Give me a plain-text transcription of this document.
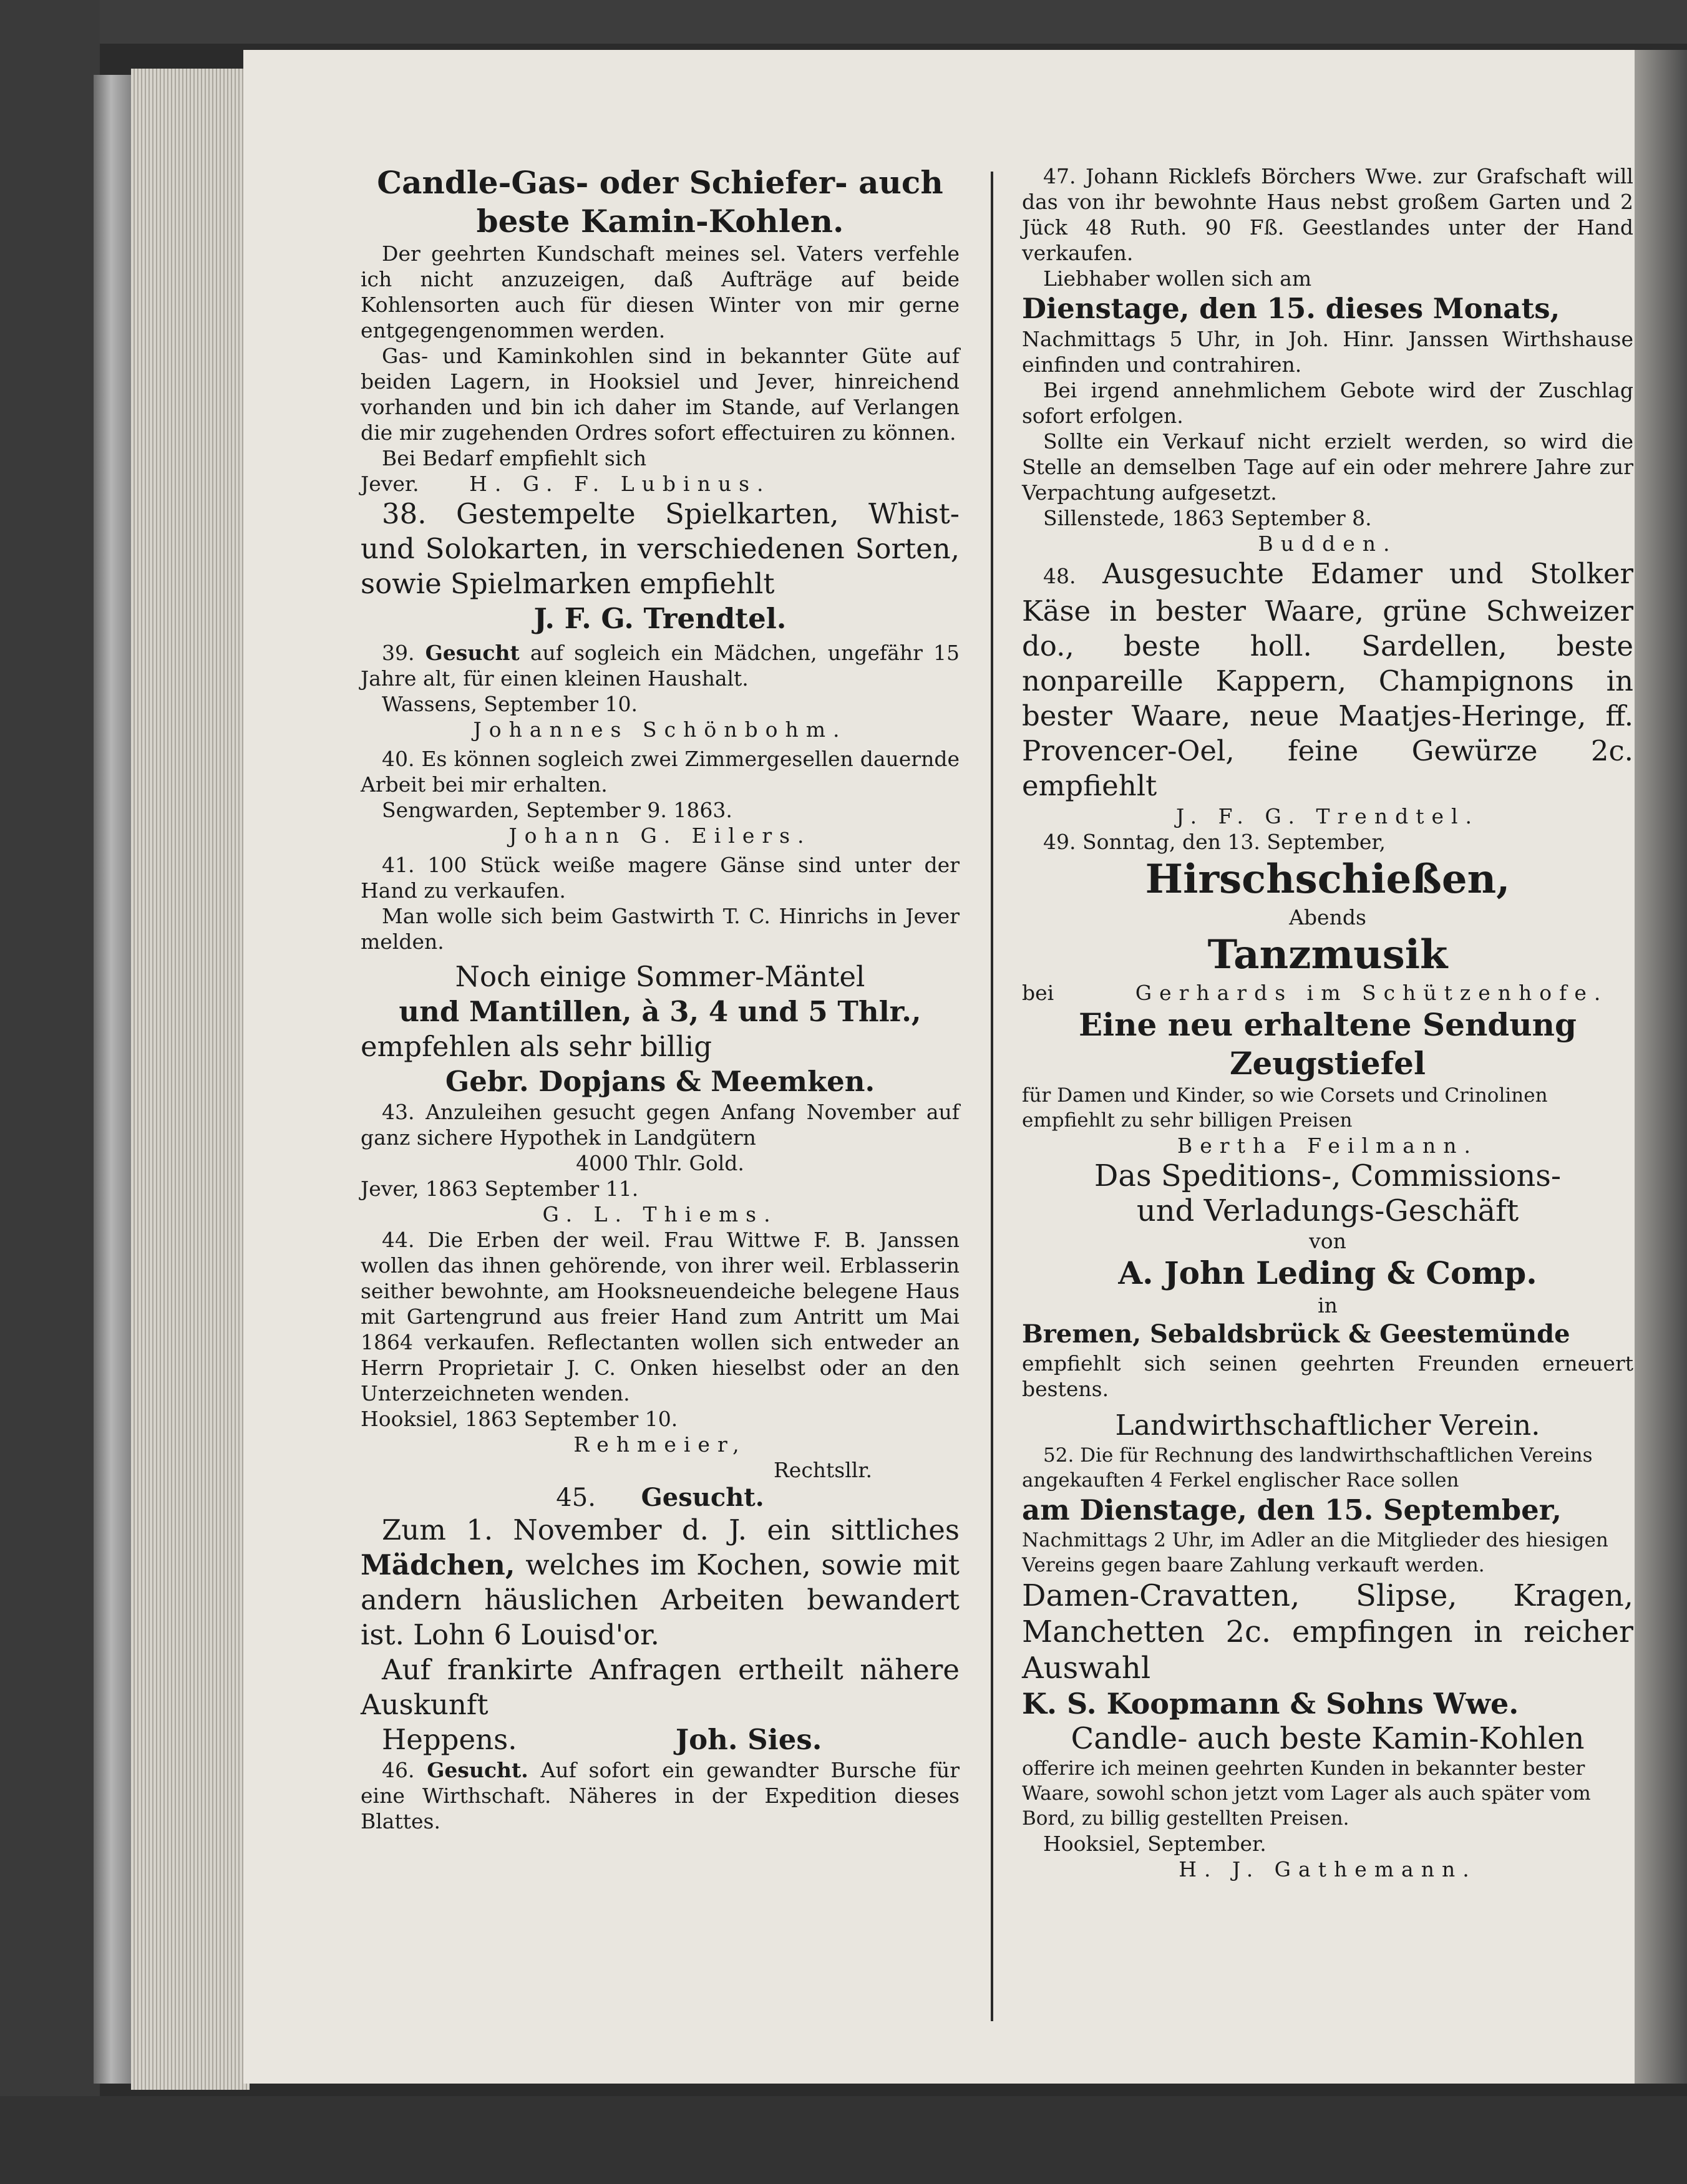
Candle-Gas- oder Schiefer- auch

beste Kamin-Kohlen.

Der geehrten Kundschaft meines sel. Vaters verfehle ich nicht anzuzeigen, daß Aufträge auf beide Kohlensorten auch für diesen Winter von mir gerne entgegengenommen werden.

Gas- und Kaminkohlen sind in bekannter Güte auf beiden Lagern, in Hooksiel und Jever, hinreichend vorhanden und bin ich daher im Stande, auf Verlangen die mir zugehenden Ordres sofort effectuiren zu können.

Bei Bedarf empfiehlt sich

Jever. H. G. F. Lubinus.

38. Gestempelte Spielkarten, Whist- und Solokarten, in verschiedenen Sorten, sowie Spielmarken empfiehlt

J. F. G. Trendtel.

39. Gesucht auf sogleich ein Mädchen, ungefähr 15 Jahre alt, für einen kleinen Haushalt.

Wassens, September 10.

Johannes Schönbohm.

40. Es können sogleich zwei Zimmergesellen dauernde Arbeit bei mir erhalten.

Sengwarden, September 9. 1863.

Johann G. Eilers.

41. 100 Stück weiße magere Gänse sind unter der Hand zu verkaufen.

Man wolle sich beim Gastwirth T. C. Hinrichs in Jever melden.

Noch einige Sommer-Mäntel

und Mantillen, à 3, 4 und 5 Thlr.,

empfehlen als sehr billig

Gebr. Dopjans & Meemken.

43. Anzuleihen gesucht gegen Anfang November auf ganz sichere Hypothek in Landgütern

4000 Thlr. Gold.

Jever, 1863 September 11.

G. L. Thiems.

44. Die Erben der weil. Frau Wittwe F. B. Janssen wollen das ihnen gehörende, von ihrer weil. Erblasserin seither bewohnte, am Hooksneuendeiche belegene Haus mit Gartengrund aus freier Hand zum Antritt um Mai 1864 verkaufen. Reflectanten wollen sich entweder an Herrn Proprietair J. C. Onken hieselbst oder an den Unterzeichneten wenden.

Hooksiel, 1863 September 10.

Rehmeier,

Rechtsllr.

45. Gesucht.

Zum 1. November d. J. ein sittliches Mädchen, welches im Kochen, sowie mit andern häuslichen Arbeiten bewandert ist. Lohn 6 Louisd'or.

Auf frankirte Anfragen ertheilt nähere Auskunft

Heppens.	Joh. Sies.

46. Gesucht. Auf sofort ein gewandter Bursche für eine Wirthschaft. Näheres in der Expedition dieses Blattes.

47. Johann Ricklefs Börchers Wwe. zur Grafschaft will das von ihr bewohnte Haus nebst großem Garten und 2 Jück 48 Ruth. 90 Fß. Geestlandes unter der Hand verkaufen.

Liebhaber wollen sich am

Dienstage, den 15. dieses Monats,

Nachmittags 5 Uhr, in Joh. Hinr. Janssen Wirthshause einfinden und contrahiren.

Bei irgend annehmlichem Gebote wird der Zuschlag sofort erfolgen.

Sollte ein Verkauf nicht erzielt werden, so wird die Stelle an demselben Tage auf ein oder mehrere Jahre zur Verpachtung aufgesetzt.

Sillenstede, 1863 September 8.

Budden.

48. Ausgesuchte Edamer und Stolker Käse in bester Waare, grüne Schweizer do., beste holl. Sardellen, beste nonpareille Kappern, Champignons in bester Waare, neue Maatjes-Heringe, ff. Provencer-Oel, feine Gewürze 2c. empfiehlt

J. F. G. Trendtel.

49. Sonntag, den 13. September,

Hirschschießen,

Abends

Tanzmusik

bei	Gerhards im Schützenhofe.

Eine neu erhaltene Sendung

Zeugstiefel

für Damen und Kinder, so wie Corsets und Crinolinen empfiehlt zu sehr billigen Preisen

Bertha Feilmann.

Das Speditions-, Commissions-

und Verladungs-Geschäft

von

A. John Leding & Comp.

in

Bremen, Sebaldsbrück & Geestemünde

empfiehlt sich seinen geehrten Freunden erneuert bestens.

Landwirthschaftlicher Verein.

52. Die für Rechnung des landwirthschaftlichen Vereins angekauften 4 Ferkel englischer Race sollen

am Dienstage, den 15. September,

Nachmittags 2 Uhr, im Adler an die Mitglieder des hiesigen Vereins gegen baare Zahlung verkauft werden.

Damen-Cravatten, Slipse, Kragen, Manchetten 2c. empfingen in reicher Auswahl

K. S. Koopmann & Sohns Wwe.

Candle- auch beste Kamin-Kohlen

offerire ich meinen geehrten Kunden in bekannter bester Waare, sowohl schon jetzt vom Lager als auch später vom Bord, zu billig gestellten Preisen.

Hooksiel, September.

H. J. Gathemann.
